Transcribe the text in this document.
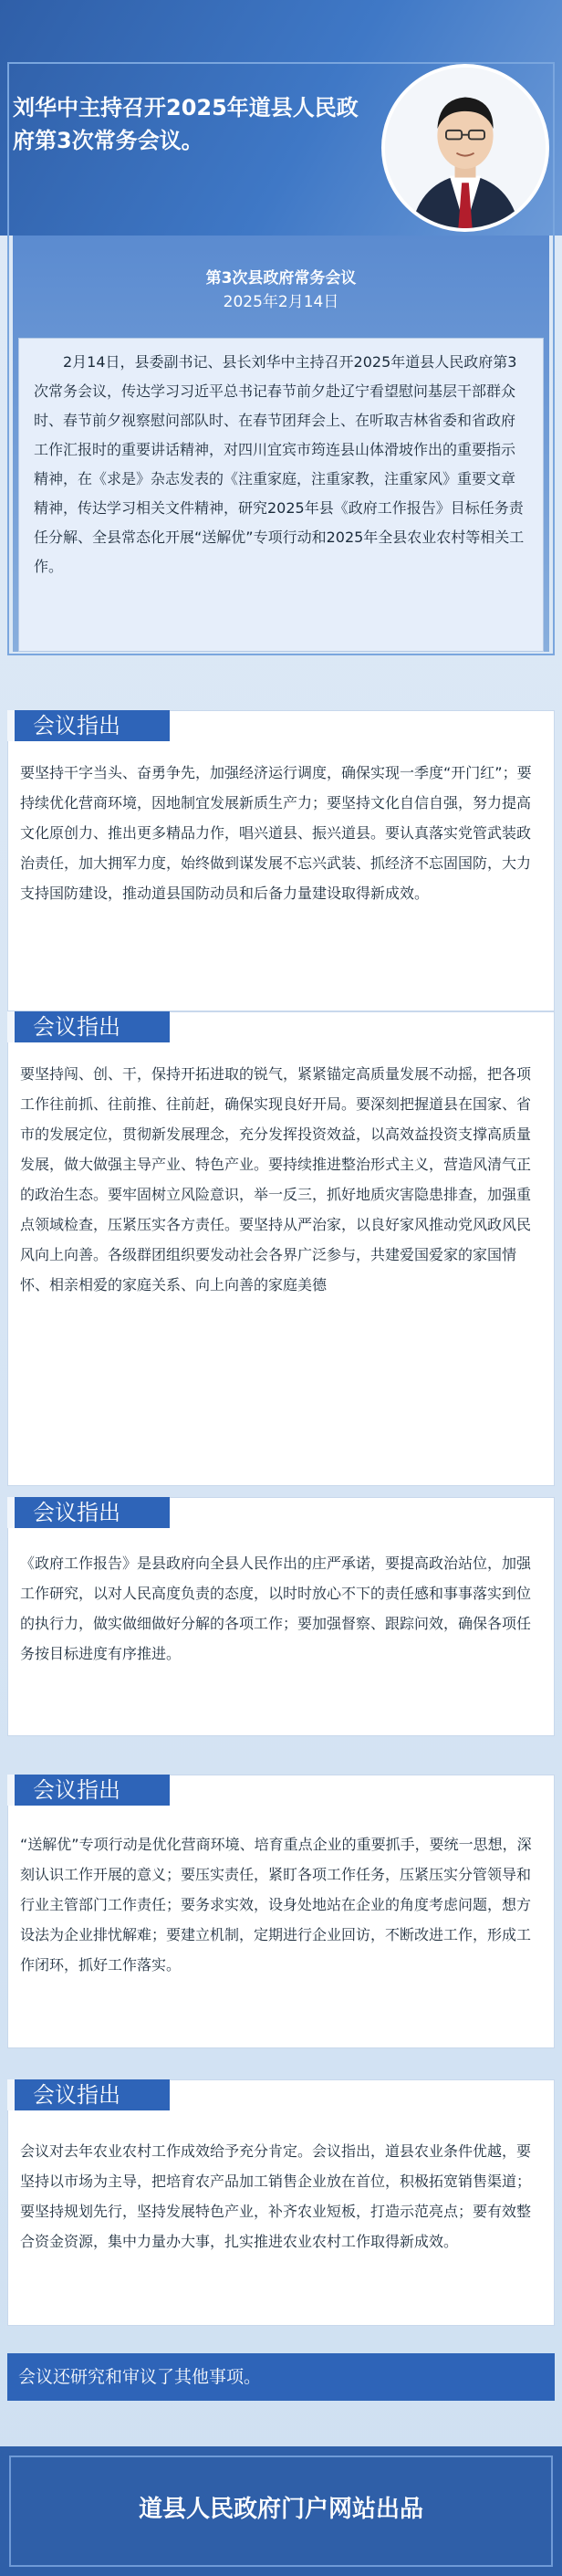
刘华中主持召开2025年道县人民政府第3次常务会议。
第3次县政府常务会议
2025年2月14日
2月14日，县委副书记、县长刘华中主持召开2025年道县人民政府第3次常务会议，传达学习习近平总书记春节前夕赴辽宁看望慰问基层干部群众时、春节前夕视察慰问部队时、在春节团拜会上、在听取吉林省委和省政府工作汇报时的重要讲话精神，对四川宜宾市筠连县山体滑坡作出的重要指示精神，在《求是》杂志发表的《注重家庭，注重家教，注重家风》重要文章精神，传达学习相关文件精神，研究2025年县《政府工作报告》目标任务责任分解、全县常态化开展“送解优”专项行动和2025年全县农业农村等相关工作。
会议指出
要坚持干字当头、奋勇争先，加强经济运行调度，确保实现一季度“开门红”；要持续优化营商环境，因地制宜发展新质生产力；要坚持文化自信自强，努力提高文化原创力、推出更多精品力作，唱兴道县、振兴道县。要认真落实党管武装政治责任，加大拥军力度，始终做到谋发展不忘兴武装、抓经济不忘固国防，大力支持国防建设，推动道县国防动员和后备力量建设取得新成效。
会议指出
要坚持闯、创、干，保持开拓进取的锐气，紧紧锚定高质量发展不动摇，把各项工作往前抓、往前推、往前赶，确保实现良好开局。要深刻把握道县在国家、省市的发展定位，贯彻新发展理念，充分发挥投资效益，以高效益投资支撑高质量发展，做大做强主导产业、特色产业。要持续推进整治形式主义，营造风清气正的政治生态。要牢固树立风险意识，举一反三，抓好地质灾害隐患排查，加强重点领域检查，压紧压实各方责任。要坚持从严治家，以良好家风推动党风政风民风向上向善。各级群团组织要发动社会各界广泛参与，共建爱国爱家的家国情怀、相亲相爱的家庭关系、向上向善的家庭美德
会议指出
《政府工作报告》是县政府向全县人民作出的庄严承诺，要提高政治站位，加强工作研究，以对人民高度负责的态度，以时时放心不下的责任感和事事落实到位的执行力，做实做细做好分解的各项工作；要加强督察、跟踪问效，确保各项任务按目标进度有序推进。
会议指出
“送解优”专项行动是优化营商环境、培育重点企业的重要抓手，要统一思想，深刻认识工作开展的意义；要压实责任，紧盯各项工作任务，压紧压实分管领导和行业主管部门工作责任；要务求实效，设身处地站在企业的角度考虑问题，想方设法为企业排忧解难；要建立机制，定期进行企业回访，不断改进工作，形成工作闭环，抓好工作落实。
会议指出
会议对去年农业农村工作成效给予充分肯定。会议指出，道县农业条件优越，要坚持以市场为主导，把培育农产品加工销售企业放在首位，积极拓宽销售渠道；要坚持规划先行，坚持发展特色产业，补齐农业短板，打造示范亮点；要有效整合资金资源，集中力量办大事，扎实推进农业农村工作取得新成效。
会议还研究和审议了其他事项。
道县人民政府门户网站出品
